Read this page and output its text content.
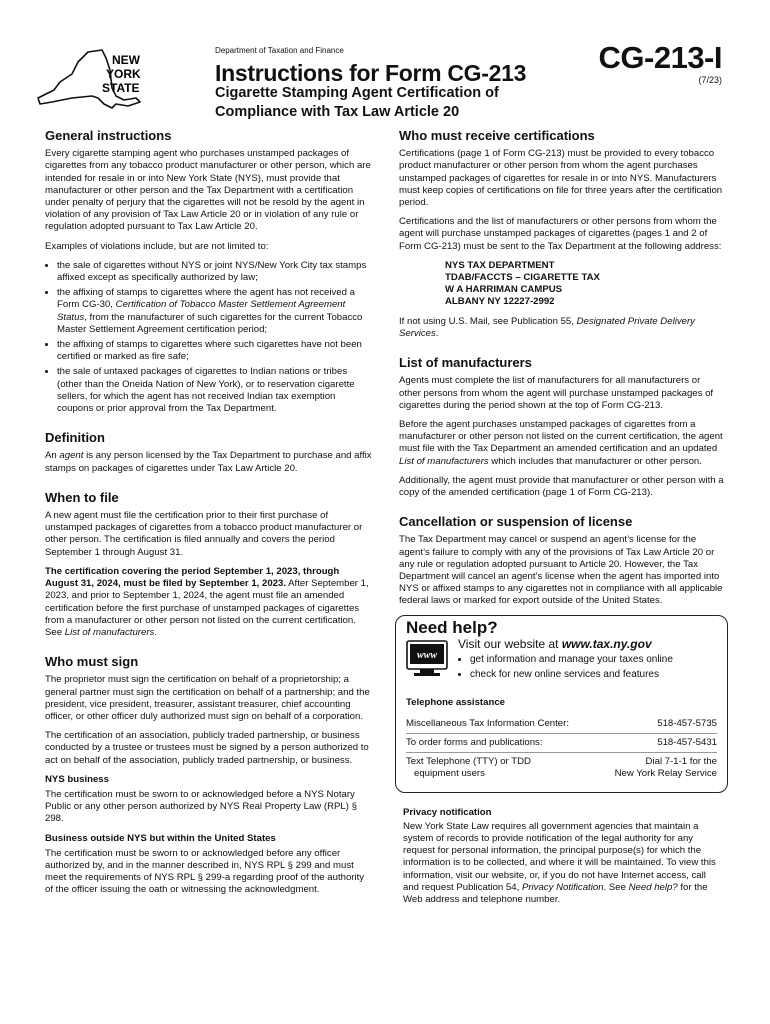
NEW
YORK
STATE
Department of Taxation and Finance
Instructions for Form CG-213
Cigarette Stamping Agent Certification of
Compliance with Tax Law Article 20
CG-213-I
(7/23)
General instructions

Every cigarette stamping agent who purchases unstamped packages of cigarettes from any tobacco product manufacturer or other person, which are intended for resale in or into New York State (NYS), must provide that manufacturer or other person and the Tax Department with a certification under penalty of perjury that the cigarettes will not be resold by the agent in violation of any provision of Tax Law Article 20 or in violation of any rule or regulation adopted pursuant to Tax Law Article 20.

Examples of violations include, but are not limited to:

• the sale of cigarettes without NYS or joint NYS/New York City tax stamps affixed except as specifically authorized by law;
• the affixing of stamps to cigarettes where the agent has not received a Form CG-30, Certification of Tobacco Master Settlement Agreement Status, from the manufacturer of such cigarettes for the current Tobacco Master Settlement Agreement certification period;
• the affixing of stamps to cigarettes where such cigarettes have not been certified or marked as fire safe;
• the sale of untaxed packages of cigarettes to Indian nations or tribes (other than the Oneida Nation of New York), or to reservation cigarette sellers, for which the agent has not received Indian tax exemption coupons or prior approval from the Tax Department.
Definition

An agent is any person licensed by the Tax Department to purchase and affix stamps on packages of cigarettes under Tax Law Article 20.

When to file

A new agent must file the certification prior to their first purchase of unstamped packages of cigarettes from a tobacco product manufacturer or other person. The certification is filed annually and covers the period September 1 through August 31.

The certification covering the period September 1, 2023, through August 31, 2024, must be filed by September 1, 2023. After September 1, 2023, and prior to September 1, 2024, the agent must file an amended certification before the first purchase of unstamped packages of cigarettes from a manufacturer or other person not listed on the current certification. See List of manufacturers.

Who must sign

The proprietor must sign the certification on behalf of a proprietorship; a general partner must sign the certification on behalf of a partnership; and the president, vice president, treasurer, assistant treasurer, chief accounting officer, or other officer duly authorized must sign on behalf of a corporation.

The certification of an association, publicly traded partnership, or business conducted by a trustee or trustees must be signed by a person authorized to act on behalf of the association, publicly traded partnership, or business.

NYS business

The certification must be sworn to or acknowledged before a NYS Notary Public or any other person authorized by NYS Real Property Law (RPL) § 298.

Business outside NYS but within the United States

The certification must be sworn to or acknowledged before any officer authorized by, and in the manner described in, NYS RPL § 299 and must meet the requirements of NYS RPL § 299-a regarding proof of the authority of the officer issuing the oath or witnessing the acknowledgment.

Who must receive certifications

Certifications (page 1 of Form CG-213) must be provided to every tobacco product manufacturer or other person from whom the agent purchases unstamped packages of cigarettes for resale in or into NYS. Manufacturers must keep copies of certifications on file for three years after the certification period.

Certifications and the list of manufacturers or other persons from whom the agent will purchase unstamped packages of cigarettes (pages 1 and 2 of Form CG-213) must be sent to the Tax Department at the following address:

NYS TAX DEPARTMENT
TDAB/FACCTS – CIGARETTE TAX
W A HARRIMAN CAMPUS
ALBANY NY 12227-2992

If not using U.S. Mail, see Publication 55, Designated Private Delivery Services.

List of manufacturers

Agents must complete the list of manufacturers for all manufacturers or other persons from whom the agent will purchase unstamped packages of cigarettes during the period shown at the top of Form CG-213.

Before the agent purchases unstamped packages of cigarettes from a manufacturer or other person not listed on the current certification, the agent must file with the Tax Department an amended certification and an updated List of manufacturers which includes that manufacturer or other person.

Additionally, the agent must provide that manufacturer or other person with a copy of the amended certification (page 1 of Form CG-213).

Cancellation or suspension of license

The Tax Department may cancel or suspend an agent’s license for the agent’s failure to comply with any of the provisions of Tax Law Article 20 or any rule or regulation adopted pursuant to Article 20. However, the Tax Department will cancel an agent’s license when the agent has imported into NYS or affixed stamps to any cigarettes not in compliance with all applicable federal laws or marked for export outside of the United States.

Need help?
www
Visit our website at www.tax.ny.gov
• get information and manage your taxes online
• check for new online services and features
Telephone assistance
Miscellaneous Tax Information Center:	518-457-5735
To order forms and publications:	518-457-5431
Text Telephone (TTY) or TDD
equipment users
Dial 7-1-1 for the
New York Relay Service
Privacy notification

New York State Law requires all government agencies that maintain a system of records to provide notification of the legal authority for any request for personal information, the principal purpose(s) for which the information is to be collected, and where it will be maintained. To view this information, visit our website, or, if you do not have Internet access, call and request Publication 54, Privacy Notification. See Need help? for the Web address and telephone number.
